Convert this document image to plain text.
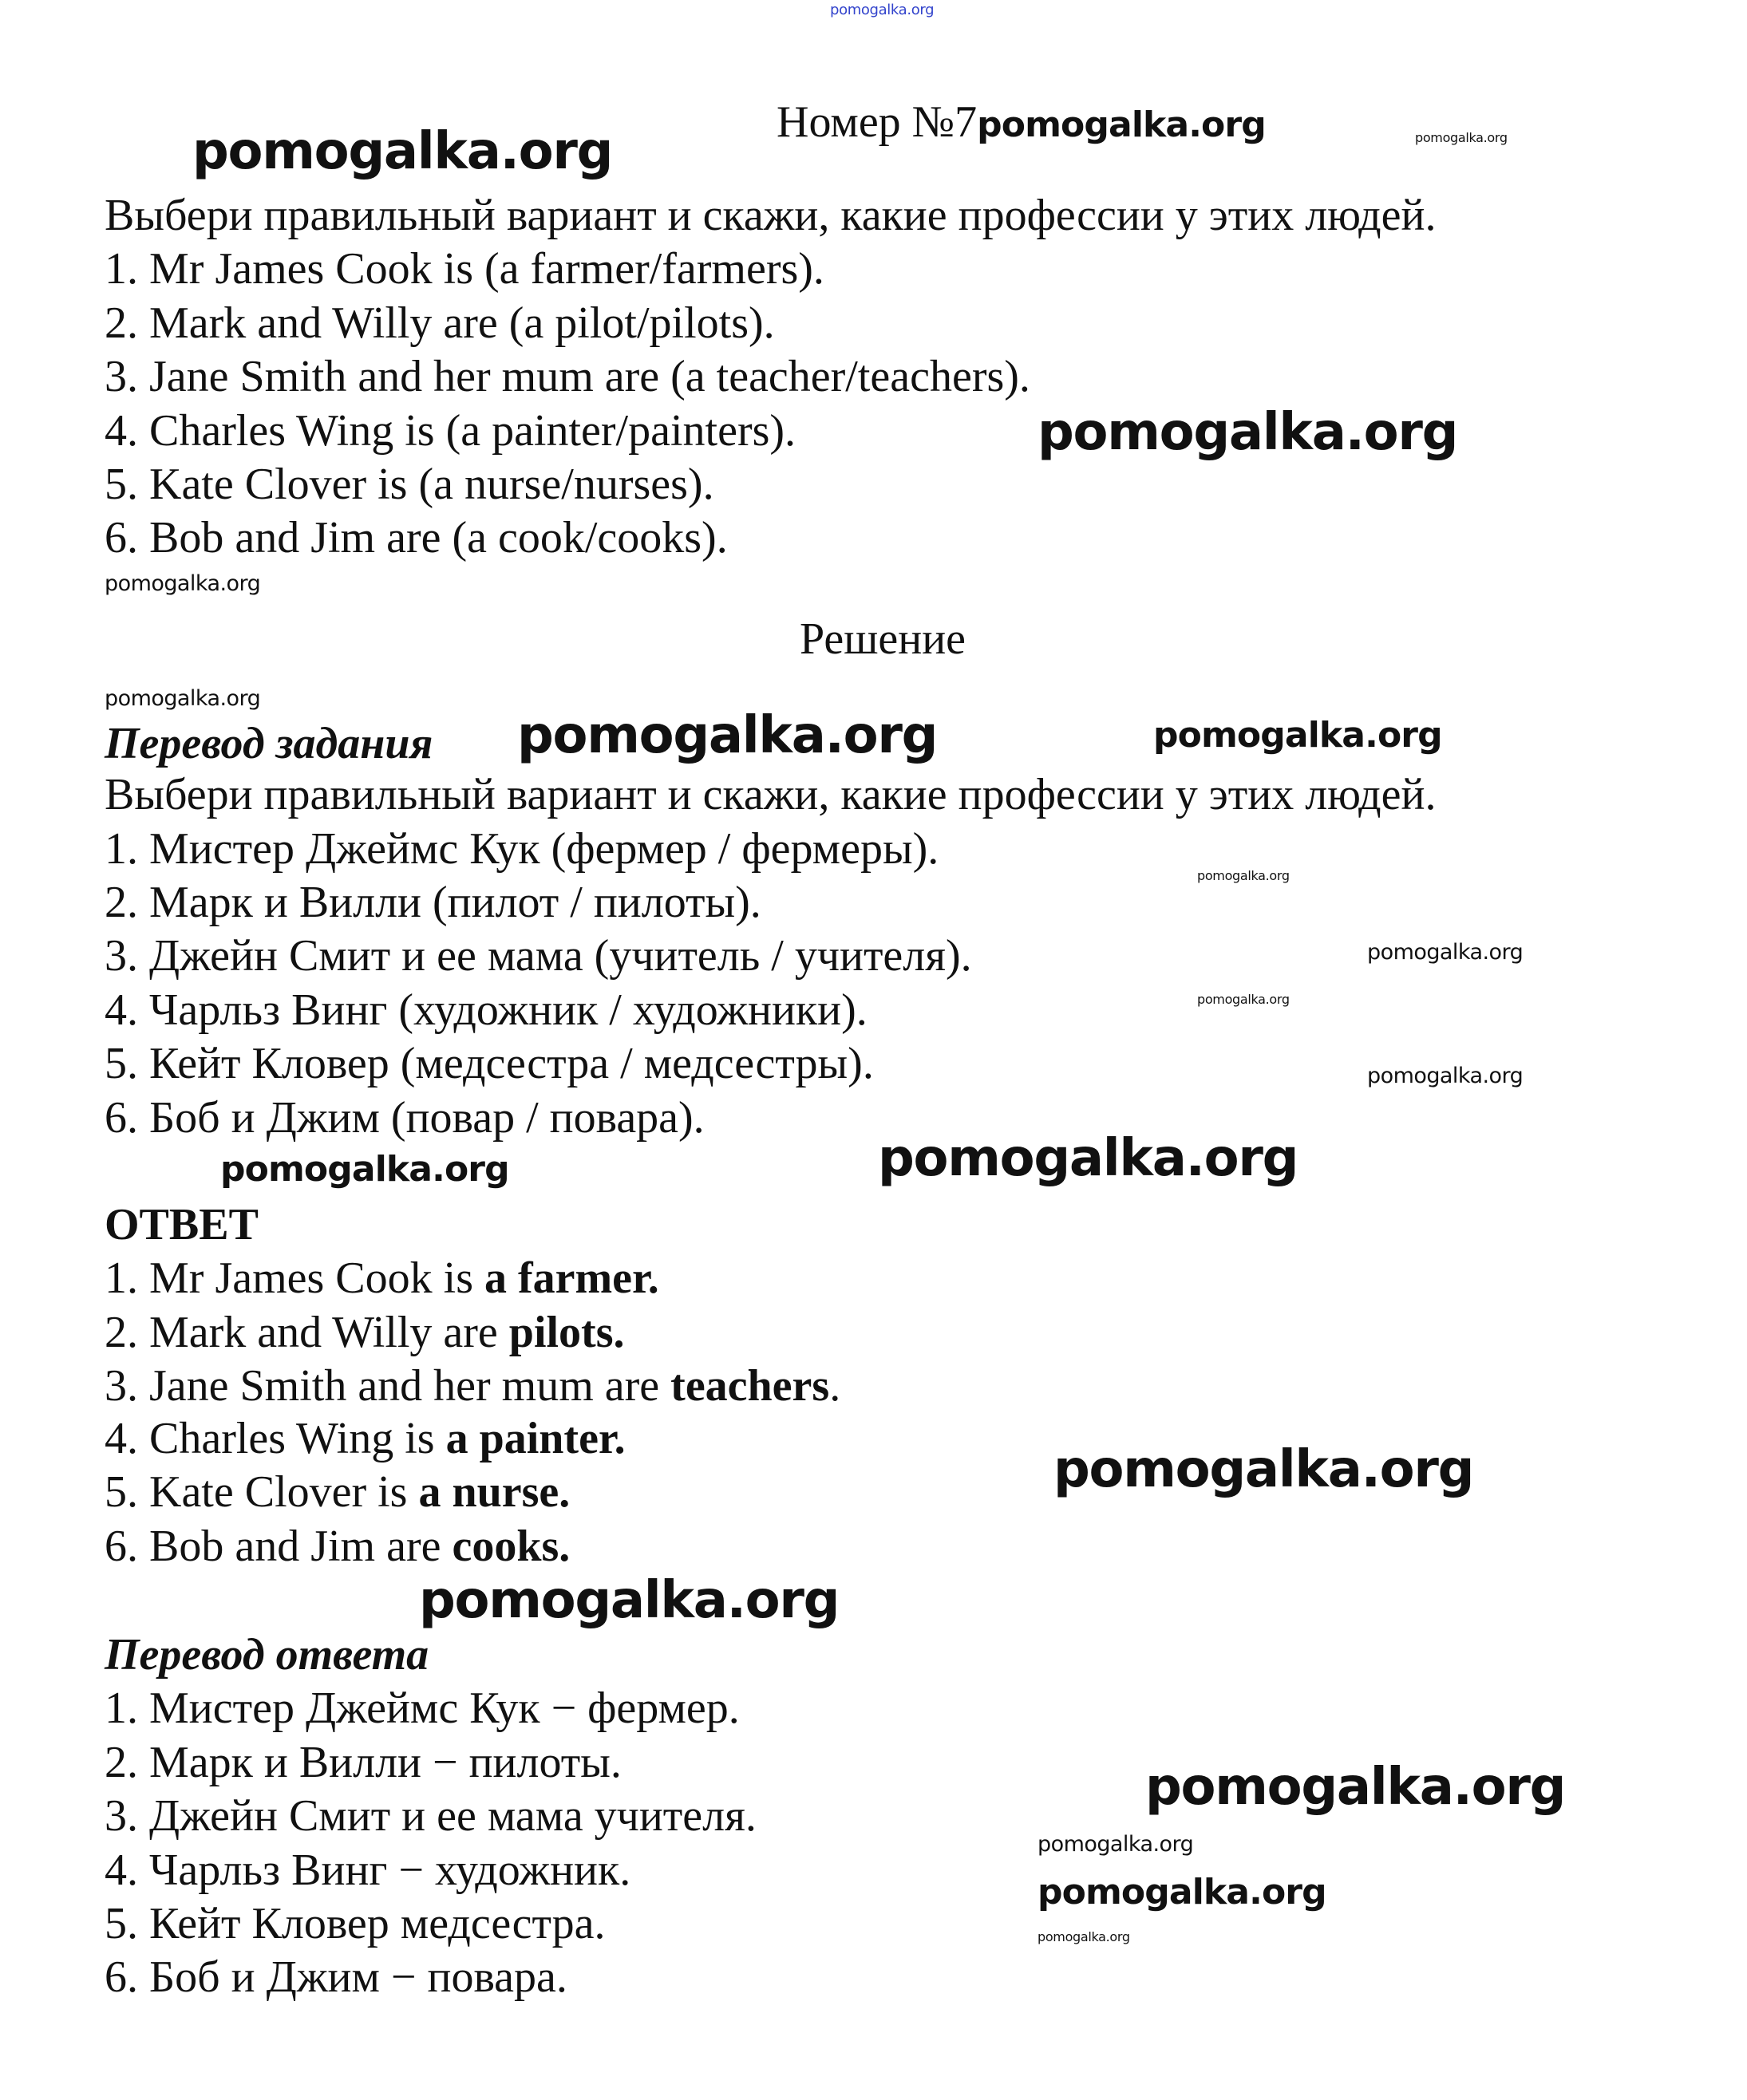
pomogalka.org
pomogalka.org
pomogalka.org	Номер №7pomogalka.org
Выбери правильный вариант и скажи, какие профессии у этих людей.
1. Mr James Cook is (a farmer/farmers).
2. Mark and Willy are (a pilot/pilots).
3. Jane Smith and her mum are (a teacher/teachers).
4. Charles Wing is (a painter/painters).	pomogalka.org
5. Kate Clover is (a nurse/nurses).
6. Bob and Jim are (a cook/cooks).
pomogalka.org
Решение
pomogalka.org
Перевод задания pomogalka.org	pomogalka.org
Выбери правильный вариант и скажи, какие профессии у этих людей.
1. Мистер Джеймс Кук (фермер / фермеры).
pomogalka.org
2. Марк и Вилли (пилот / пилоты).
3. Джейн Смит и ее мама (учитель / учителя).	pomogalka.org
pomogalka.org
4. Чарльз Винг (художник / художники).
5. Кейт Кловер (медсестра / медсестры).	pomogalka.org
6. Боб и Джим (повар / повара).
pomogalka.org
pomogalka.org
ОТВЕТ
1. Mr James Cook is a farmer.
2. Mark and Willy are pilots.
3. Jane Smith and her mum are teachers.
4. Charles Wing is a painter.
pomogalka.org
5. Kate Clover is a nurse.
6. Bob and Jim are cooks.
pomogalka.org
Перевод ответа
1. Мистер Джеймс Кук − фермер.
2. Марк и Вилли − пилоты.	pomogalka.org
3. Джейн Смит и ее мама учителя.
pomogalka.org
4. Чарльз Винг − художник.	pomogalka.org
pomogalka.org
5. Кейт Кловер медсестра.
6. Боб и Джим − повара.
